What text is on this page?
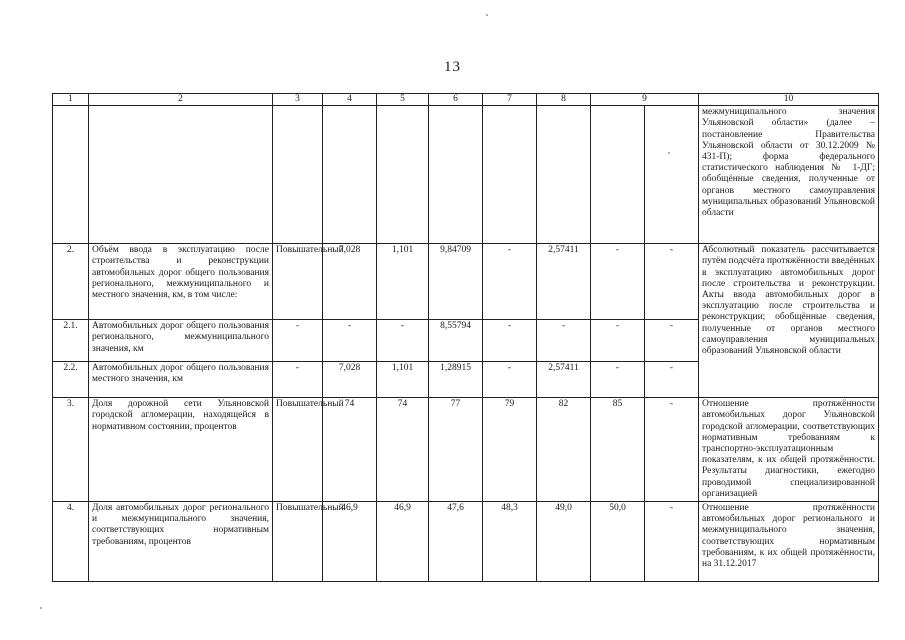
13
1	2	3	4	5	6	7	8	9		10
										межмуниципального значения Ульяновской области» (далее – постановление Правительства Ульяновской области от 30.12.2009 № 431-П); форма федерального статистического наблюдения № 1-ДГ; обобщённые сведения, полученные от органов местного самоуправления муниципальных образований Ульяновской области
2.	Объём ввода в эксплуатацию после строительства и реконструкции автомобильных дорог общего пользования регионального, межмуниципального и местного значения, км, в том числе:	Повышательный	7,028	1,101	9,84709	-	2,57411	-	-	Абсолютный показатель рассчитывается путём подсчёта протяжённости введённых в эксплуатацию автомобильных дорог после строительства и реконструкции. Акты ввода автомобильных дорог в эксплуатацию после строительства и реконструкции; обобщённые сведения, полученные от органов местного самоуправления муниципальных образований Ульяновской области
2.1.	Автомобильных дорог общего пользования регионального, межмуниципального значения, км	-	-	-	8,55794	-	-	-	-	
2.2.	Автомобильных дорог общего пользования местного значения, км	-	7,028	1,101	1,28915	-	2,57411	-	-	
3.	Доля дорожной сети Ульяновской городской агломерации, находящейся в нормативном состоянии, процентов	Повышательный	74	74	77	79	82	85	-	Отношение протяжённости автомобильных дорог Ульяновской городской агломерации, соответствующих нормативным требованиям к транспортно-эксплуатационным показателям, к их общей протяжённости. Результаты диагностики, ежегодно проводимой специализированной организацией
4.	Доля автомобильных дорог регионального и межмуниципального значения, соответствующих нормативным требованиям, процентов	Повышательный	46,9	46,9	47,6	48,3	49,0	50,0	-	Отношение протяжённости автомобильных дорог регионального и межмуниципального значения, соответствующих нормативным требованиям, к их общей протяжённости, на 31.12.2017
